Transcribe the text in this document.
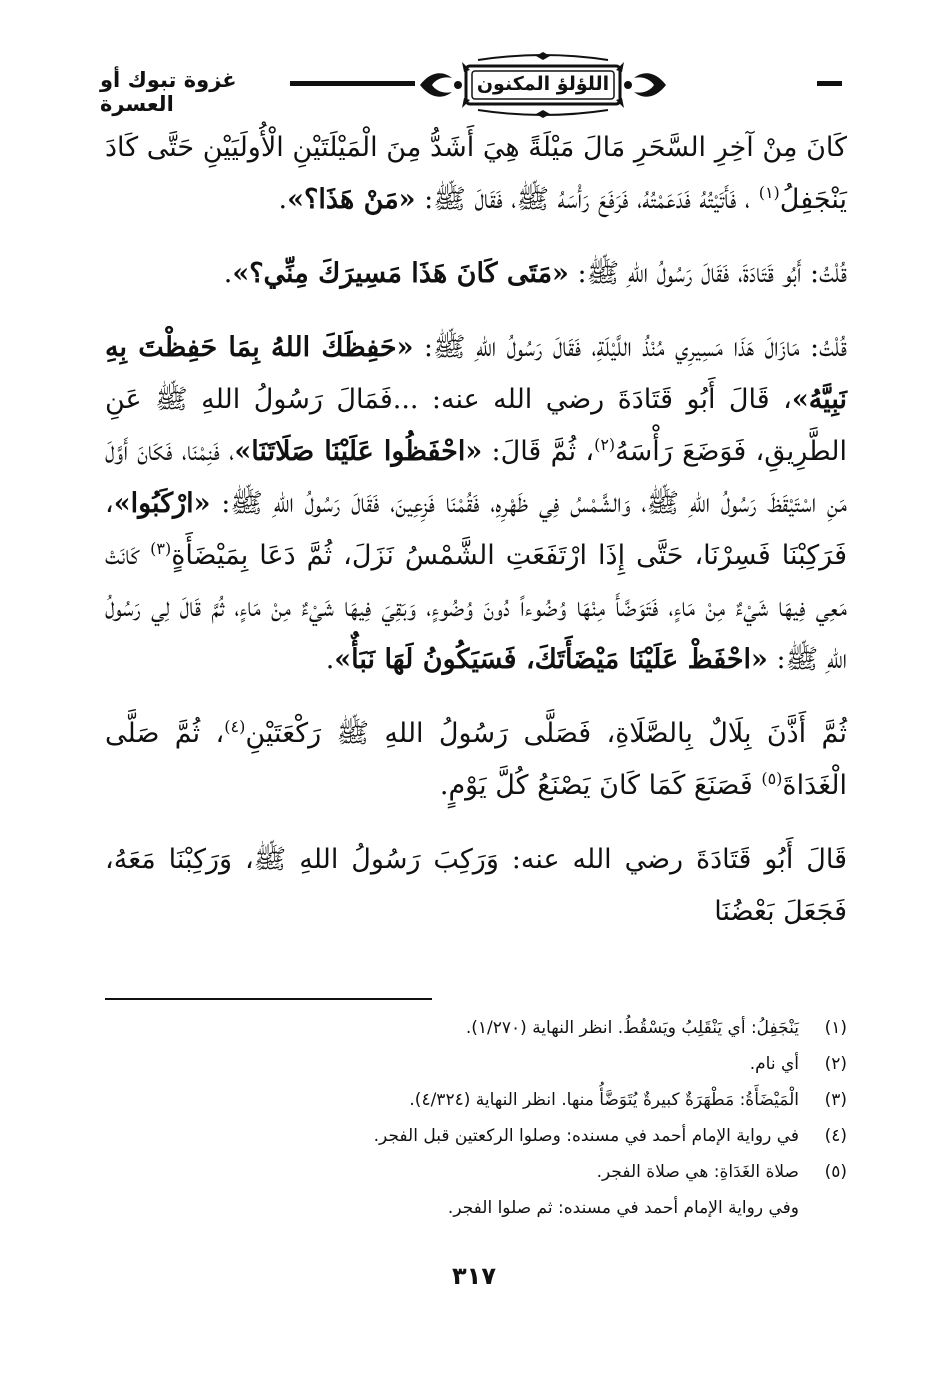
اللؤلؤ المكنون
غزوة تبوك أو العسرة

كَانَ مِنْ آخِرِ السَّحَرِ مَالَ مَيْلَةً هِيَ أَشَدُّ مِنَ الْمَيْلَتَيْنِ الْأُولَيَيْنِ حَتَّى كَادَ يَنْجَفِلُ$^{(١)}$ ، فَأَتَيْتُهُ فَدَعَمْتُهُ، فَرَفَعَ رَأْسَهُ ﷺ، فَقَالَ ﷺ: «مَنْ هَذَا؟».

قُلْتُ: أَبُو قَتَادَةَ، فَقَالَ رَسُولُ اللهِ ﷺ: «مَتَى كَانَ هَذَا مَسِيرَكَ مِنِّي؟».

قُلْتُ: مَازَالَ هَذَا مَسِيرِي مُنْذُ اللَّيْلَةِ، فَقَالَ رَسُولُ اللهِ ﷺ: «حَفِظَكَ اللهُ بِمَا حَفِظْتَ بِهِ نَبِيَّهُ»، قَالَ أَبُو قَتَادَةَ رضي الله عنه: ...فَمَالَ رَسُولُ اللهِ ﷺ عَنِ الطَّرِيقِ، فَوَضَعَ رَأْسَهُ$^{(٢)}$، ثُمَّ قَالَ: «احْفَظُوا عَلَيْنَا صَلَاتَنَا»، فَنِمْنَا، فَكَانَ أَوَّلَ مَنِ اسْتَيْقَظَ رَسُولُ اللهِ ﷺ، وَالشَّمْسُ فِي ظَهْرِهِ، فَقُمْنَا فَزِعِينَ، فَقَالَ رَسُولُ اللهِ ﷺ: «ارْكَبُوا»، فَرَكِبْنَا فَسِرْنَا، حَتَّى إِذَا ارْتَفَعَتِ الشَّمْسُ نَزَلَ، ثُمَّ دَعَا بِمَيْضَأَةٍ$^{(٣)}$ كَانَتْ مَعِي فِيهَا شَيْءٌ مِنْ مَاءٍ، فَتَوَضَّأَ مِنْهَا وُضُوءاً دُونَ وُضُوءٍ، وَبَقِيَ فِيهَا شَيْءٌ مِنْ مَاءٍ، ثُمَّ قَالَ لِي رَسُولُ اللهِ ﷺ: «احْفَظْ عَلَيْنَا مَيْضَأَتَكَ، فَسَيَكُونُ لَهَا نَبَأٌ».

ثُمَّ أَذَّنَ بِلَالٌ بِالصَّلَاةِ، فَصَلَّى رَسُولُ اللهِ ﷺ رَكْعَتَيْنِ$^{(٤)}$، ثُمَّ صَلَّى الْغَدَاةَ$^{(٥)}$ فَصَنَعَ كَمَا كَانَ يَصْنَعُ كُلَّ يَوْمٍ.

قَالَ أَبُو قَتَادَةَ رضي الله عنه: وَرَكِبَ رَسُولُ اللهِ ﷺ، وَرَكِبْنَا مَعَهُ، فَجَعَلَ بَعْضُنَا

(١)
يَنْجَفِلُ: أي يَنْقَلِبُ ويَسْقُطُ. انظر النهاية (١/٢٧٠).
(٢)
أي نام.
(٣)
الْمَيْضَأَةُ: مَطْهَرَةٌ كبيرةٌ يُتَوَضَّأُ منها. انظر النهاية (٤/٣٢٤).
(٤)
في رواية الإمام أحمد في مسنده: وصلوا الركعتين قبل الفجر.
(٥)
صلاة الغَدَاةِ: هي صلاة الفجر.
وفي رواية الإمام أحمد في مسنده: ثم صلوا الفجر.
٣١٧
